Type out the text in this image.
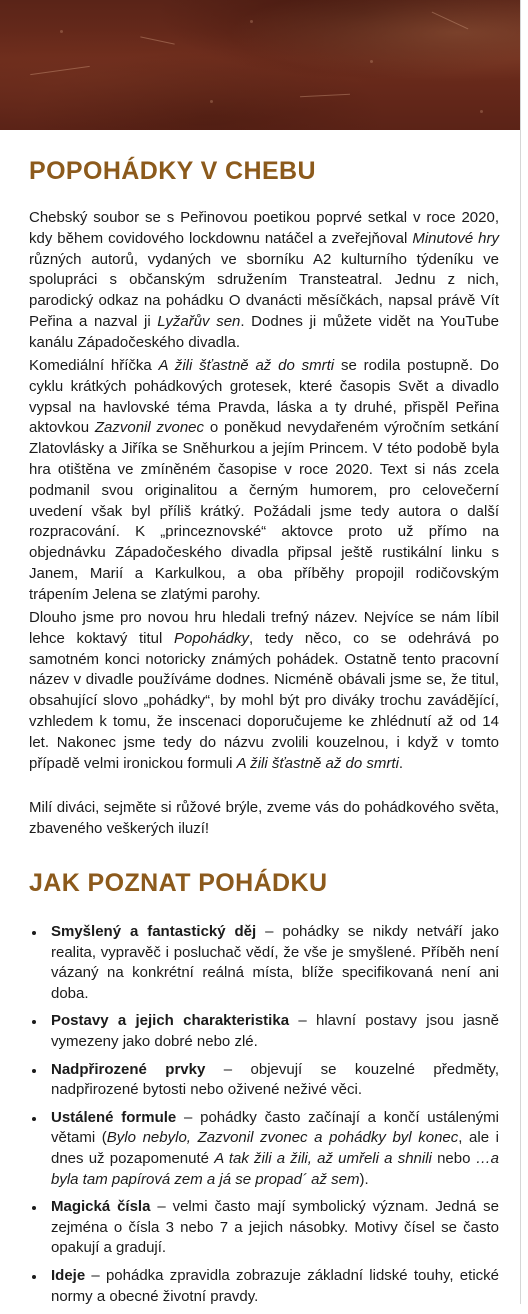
POPOHÁDKY V CHEBU

Chebský soubor se s Peřinovou poetikou poprvé setkal v roce 2020, kdy během covidového lockdownu natáčel a zveřejňoval Minutové hry různých autorů, vydaných ve sborníku A2 kulturního týdeníku ve spolupráci s občanským sdružením Transteatral. Jednu z nich, parodický odkaz na pohádku O dvanácti měsíčkách, napsal právě Vít Peřina a nazval ji Lyžařův sen. Dodnes ji můžete vidět na YouTube kanálu Západočeského divadla.

Komediální hříčka A žili šťastně až do smrti se rodila postupně. Do cyklu krátkých pohádkových grotesek, které časopis Svět a divadlo vypsal na havlovské téma Pravda, láska a ty druhé, přispěl Peřina aktovkou Zazvonil zvonec o poněkud nevydařeném výročním setkání Zlatovlásky a Jiříka se Sněhurkou a jejím Princem. V této podobě byla hra otištěna ve zmíněném časopise v roce 2020. Text si nás zcela podmanil svou originalitou a černým humorem, pro celovečerní uvedení však byl příliš krátký. Požádali jsme tedy autora o další rozpracování. K „princeznovské“ aktovce proto už přímo na objednávku Západočeského divadla připsal ještě rustikální linku s Janem, Marií a Karkulkou, a oba příběhy propojil rodičovským trápením Jelena se zlatými parohy.

Dlouho jsme pro novou hru hledali trefný název. Nejvíce se nám líbil lehce koktavý titul Popohádky, tedy něco, co se odehrává po samotném konci notoricky známých pohádek. Ostatně tento pracovní název v divadle používáme dodnes. Nicméně obávali jsme se, že titul, obsahující slovo „pohádky“, by mohl být pro diváky trochu zavádějící, vzhledem k tomu, že inscenaci doporučujeme ke zhlédnutí až od 14 let. Nakonec jsme tedy do názvu zvolili kouzelnou, i když v tomto případě velmi ironickou formuli A žili šťastně až do smrti.

Milí diváci, sejměte si růžové brýle, zveme vás do pohádkového světa, zbaveného veškerých iluzí!

JAK POZNAT POHÁDKU
Smyšlený a fantastický děj – pohádky se nikdy netváří jako realita, vypravěč i posluchač vědí, že vše je smyšlené. Příběh není vázaný na konkrétní reálná místa, blíže specifikovaná není ani doba.
Postavy a jejich charakteristika – hlavní postavy jsou jasně vymezeny jako dobré nebo zlé.
Nadpřirozené prvky – objevují se kouzelné předměty, nadpřirozené bytosti nebo oživené neživé věci.
Ustálené formule – pohádky často začínají a končí ustálenými větami (Bylo nebylo, Zazvonil zvonec a pohádky byl konec, ale i dnes už pozapomenuté A tak žili a žili, až umřeli a shnili nebo …a byla tam papírová zem a já se propad´ až sem).
Magická čísla – velmi často mají symbolický význam. Jedná se zejména o čísla 3 nebo 7 a jejich násobky. Motivy čísel se často opakují a gradují.
Ideje – pohádka zpravidla zobrazuje základní lidské touhy, etické normy a obecné životní pravdy.
